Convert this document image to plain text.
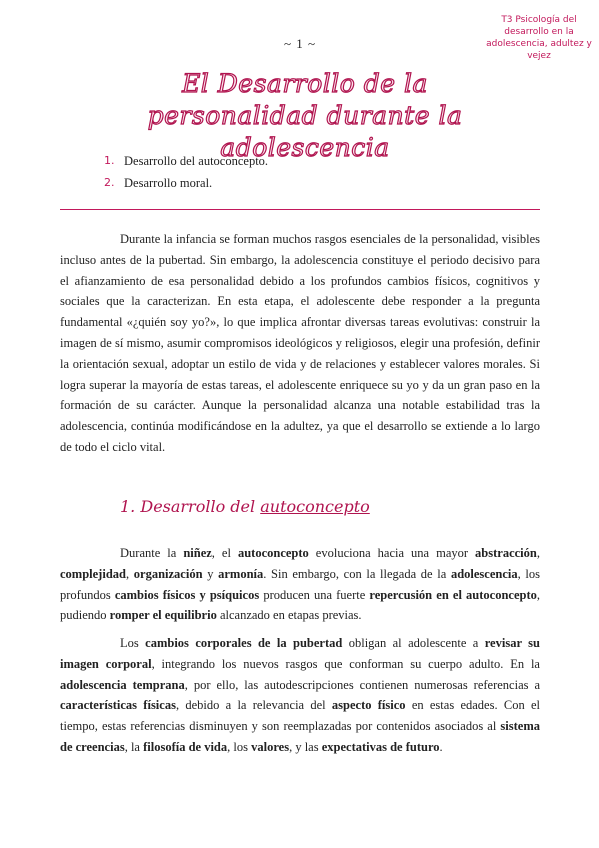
~ 1 ~
T3 Psicología del desarrollo en la adolescencia, adultez y vejez
El Desarrollo de la personalidad durante la adolescencia
1. Desarrollo del autoconcepto.
2. Desarrollo moral.

Durante la infancia se forman muchos rasgos esenciales de la personalidad, visibles incluso antes de la pubertad. Sin embargo, la adolescencia constituye el periodo decisivo para el afianzamiento de esa personalidad debido a los profundos cambios físicos, cognitivos y sociales que la caracterizan. En esta etapa, el adolescente debe responder a la pregunta fundamental «¿quién soy yo?», lo que implica afrontar diversas tareas evolutivas: construir la imagen de sí mismo, asumir compromisos ideológicos y religiosos, elegir una profesión, definir la orientación sexual, adoptar un estilo de vida y de relaciones y establecer valores morales. Si logra superar la mayoría de estas tareas, el adolescente enriquece su yo y da un gran paso en la formación de su carácter. Aunque la personalidad alcanza una notable estabilidad tras la adolescencia, continúa modificándose en la adultez, ya que el desarrollo se extiende a lo largo de todo el ciclo vital.

1. Desarrollo del autoconcepto

Durante la niñez, el autoconcepto evoluciona hacia una mayor abstracción, complejidad, organización y armonía. Sin embargo, con la llegada de la adolescencia, los profundos cambios físicos y psíquicos producen una fuerte repercusión en el autoconcepto, pudiendo romper el equilibrio alcanzado en etapas previas.

Los cambios corporales de la pubertad obligan al adolescente a revisar su imagen corporal, integrando los nuevos rasgos que conforman su cuerpo adulto. En la adolescencia temprana, por ello, las autodescripciones contienen numerosas referencias a características físicas, debido a la relevancia del aspecto físico en estas edades. Con el tiempo, estas referencias disminuyen y son reemplazadas por contenidos asociados al sistema de creencias, la filosofía de vida, los valores, y las expectativas de futuro.
